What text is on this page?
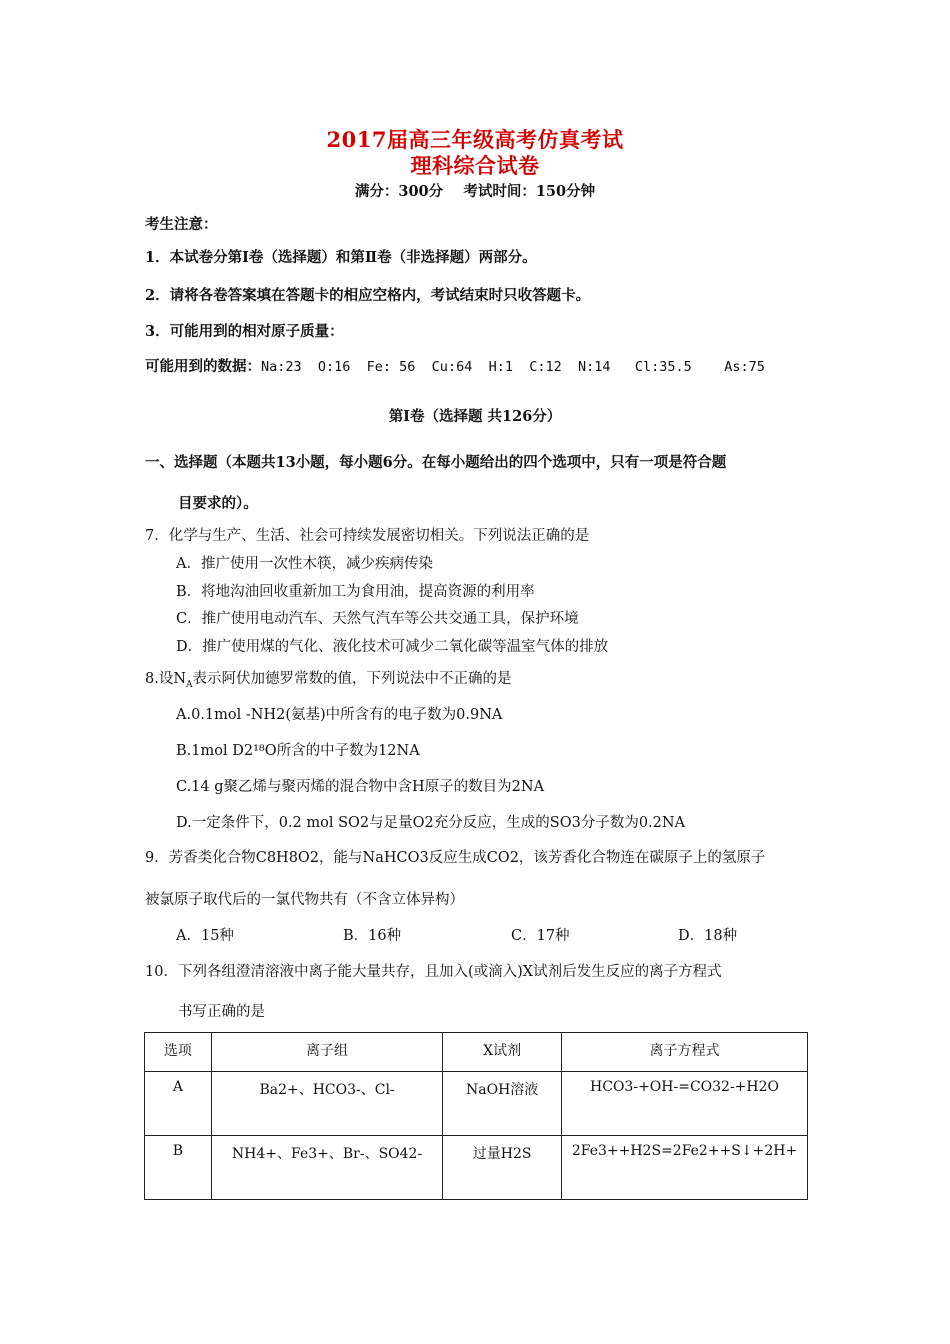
2017届高三年级高考仿真考试
理科综合试卷
满分：300分    考试时间：150分钟
考生注意：
1．本试卷分第Ⅰ卷（选择题）和第Ⅱ卷（非选择题）两部分。
2．请将各卷答案填在答题卡的相应空格内，考试结束时只收答题卡。
3．可能用到的相对原子质量：
可能用到的数据：Na:23  O:16  Fe: 56  Cu:64  H:1  C:12  N:14   Cl:35.5    As:75
第Ⅰ卷（选择题 共126分）
一、选择题（本题共13小题，每小题6分。在每小题给出的四个选项中，只有一项是符合题
目要求的）。
7．化学与生产、生活、社会可持续发展密切相关。下列说法正确的是
A．推广使用一次性木筷，减少疾病传染
B．将地沟油回收重新加工为食用油，提高资源的利用率
C．推广使用电动汽车、天然气汽车等公共交通工具，保护环境
D．推广使用煤的气化、液化技术可减少二氧化碳等温室气体的排放
8.设$N_A$表示阿伏加德罗常数的值，下列说法中不正确的是
A.0.1mol -NH2(氨基)中所含有的电子数为0.9NA
B.1mol D2¹⁸O所含的中子数为12NA
C.14 g聚乙烯与聚丙烯的混合物中含H原子的数目为2NA
D.一定条件下，0.2 mol SO2与足量O2充分反应，生成的SO3分子数为0.2NA
9．芳香类化合物C8H8O2，能与NaHCO3反应生成CO2，该芳香化合物连在碳原子上的氢原子
被氯原子取代后的一氯代物共有（不含立体异构）
A．15种	B．16种	C．17种	D．18种
10．下列各组澄清溶液中离子能大量共存，且加入(或滴入)X试剂后发生反应的离子方程式
书写正确的是
选项	离子组	X试剂	离子方程式
A	Ba2+、HCO3-、Cl-	NaOH溶液	HCO3-+OH-=CO32-+H2O
B	NH4+、Fe3+、Br-、SO42-	过量H2S	2Fe3++H2S=2Fe2++S↓+2H+
